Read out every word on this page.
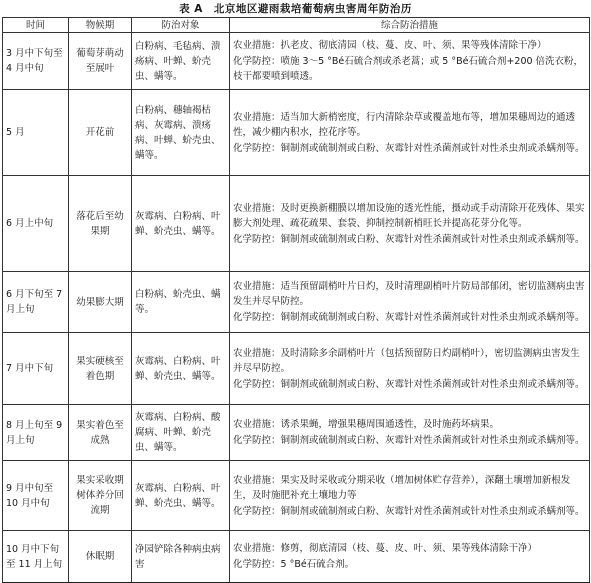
表 A　北京地区避雨栽培葡萄病虫害周年防治历
时间	物候期	防治对象	综合防治措施
3 月中下旬至 4 月中旬	葡萄芽萌动至展叶	白粉病、毛毡病、溃疡病、叶蝉、蚧壳虫、螨等。	农业措施：扒老皮、彻底清园（枝、蔓、皮、叶、须、果等残体清除干净）

化学防控：喷施 3～5 °Bé石硫合剂或杀老蒿；或 5 °Bé石硫合剂+200 倍洗衣粉，枝干都要喷到喷透。

5 月	开花前	白粉病、穗轴褐枯病、灰霉病、溃疡病、叶蝉、蚧壳虫、螨等。	农业措施：适当加大新梢密度，行内清除杂草或覆盖地布等，增加果穗周边的通透性，减少棚内积水，控花序等。

化学防控：铜制剂或硫制剂或白粉、灰霉针对性杀菌剂或针对性杀虫剂或杀螨剂等。

6 月上中旬	落花后至幼果期	灰霉病、白粉病、叶蝉、蚧壳虫、螨等。	农业措施：及时更换新棚膜以增加设施的透光性能，摄动或手动清除开花残体、果实膨大剂处理、疏花疏果、套袋、抑制控制新梢旺长并提高花芽分化等。

化学防控：铜制剂或硫制剂或白粉、灰霉针对性杀菌剂或针对性杀虫剂或杀螨剂等。

6 月下旬至 7 月上旬	幼果膨大期	白粉病、蚧壳虫、螨等。	农业措施：适当预留副梢叶片日灼，及时清理副梢叶片防局部郁闭，密切监测病虫害发生并尽早防控。

化学防控：铜制剂或硫制剂或白粉、灰霉针对性杀菌剂或针对性杀虫剂或杀螨剂等。

7 月中下旬	果实硬核至着色期	灰霉病、白粉病、叶蝉、蚧壳虫、螨等。	农业措施：及时清除多余副梢叶片（包括预留防日灼副梢叶），密切监测病虫害发生并尽早防控。

化学防控：铜制剂或硫制剂或白粉、灰霉针对性杀菌剂或针对性杀虫剂或杀螨剂等。

8 月上旬至 9 月上旬	果实着色至成熟	灰霉病、白粉病、酸腐病、叶蝉、蚧壳虫、螨等。	农业措施：诱杀果蝇，增强果穗周围通透性，及时施药坏病果。

化学防控：铜制剂或硫制剂或白粉、灰霉针对性杀菌剂或针对性杀虫剂或杀螨剂等。

9 月中旬至 10 月中旬	果实采收期树体养分回流期	灰霉病、白粉病、叶蝉、蚧壳虫、螨等。	农业措施：果实及时采收或分期采收（增加树体贮存营养），深翻土壤增加新根发生，及时施肥补充土壤地力等

化学防控：铜制剂或硫制剂或白粉、灰霉针对性杀菌剂或针对性杀虫剂或杀螨剂等。

10 月中下旬至 11 月上旬	休眠期	净园铲除各种病虫病害	农业措施：修剪，彻底清园（枝、蔓、皮、叶、须、果等残体清除干净）

化学防控：5 °Bé石硫合剂。
